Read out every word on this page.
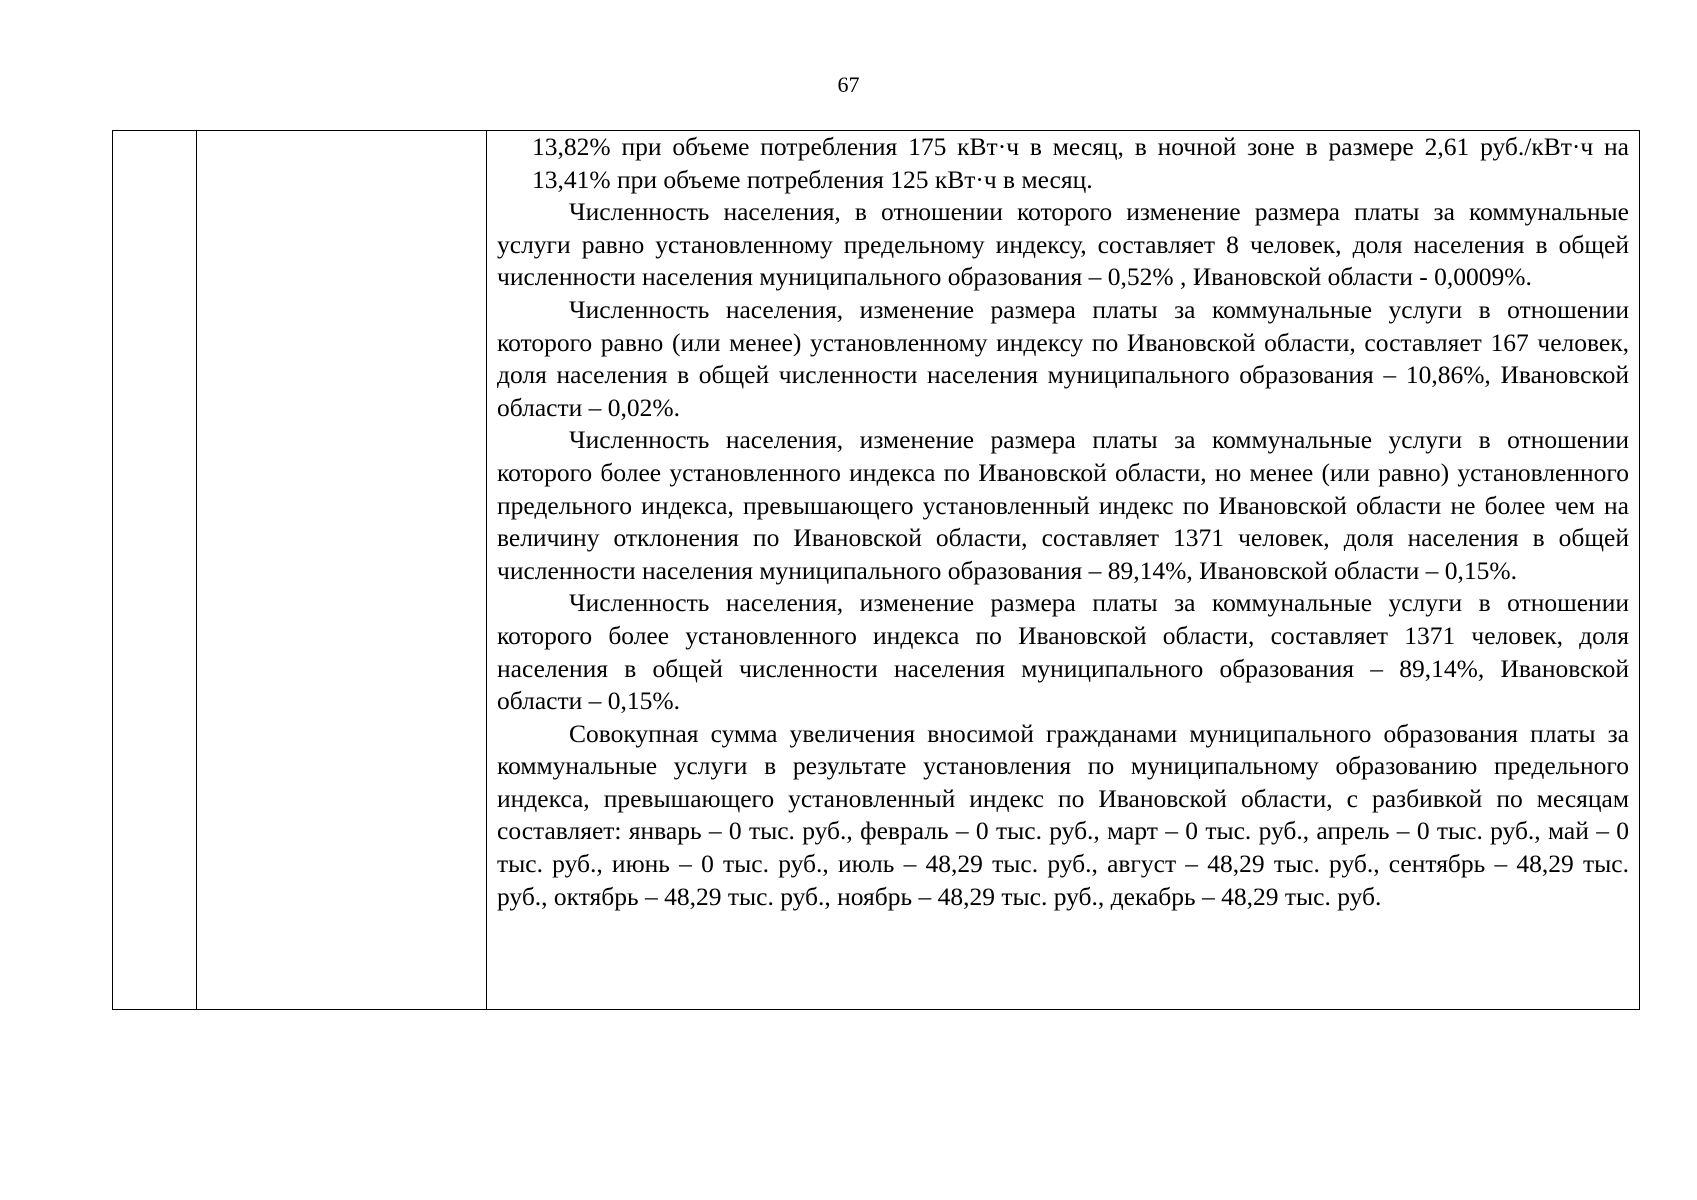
67

13,82% при объеме потребления 175 кВт·ч в месяц, в ночной зоне в размере 2,61 руб./кВт·ч на 13,41% при объеме потребления 125 кВт·ч в месяц.

Численность населения, в отношении которого изменение размера платы за коммунальные услуги равно установленному предельному индексу, составляет 8 человек, доля населения в общей численности населения муниципального образования – 0,52% , Ивановской области - 0,0009%.

Численность населения, изменение размера платы за коммунальные услуги в отношении которого равно (или менее) установленному индексу по Ивановской области, составляет 167 человек, доля населения в общей численности населения муниципального образования – 10,86%, Ивановской области – 0,02%.

Численность населения, изменение размера платы за коммунальные услуги в отношении которого более установленного индекса по Ивановской области, но менее (или равно) установленного предельного индекса, превышающего установленный индекс по Ивановской области не более чем на величину отклонения по Ивановской области, составляет 1371 человек, доля населения в общей численности населения муниципального образования – 89,14%, Ивановской области – 0,15%.

Численность населения, изменение размера платы за коммунальные услуги в отношении которого более установленного индекса по Ивановской области, составляет 1371 человек, доля населения в общей численности населения муниципального образования – 89,14%, Ивановской области – 0,15%.

Совокупная сумма увеличения вносимой гражданами муниципального образования платы за коммунальные услуги в результате установления по муниципальному образованию предельного индекса, превышающего установленный индекс по Ивановской области, с разбивкой по месяцам составляет: январь – 0 тыс. руб., февраль – 0 тыс. руб., март – 0 тыс. руб., апрель – 0 тыс. руб., май – 0 тыс. руб., июнь – 0 тыс. руб., июль – 48,29 тыс. руб., август – 48,29 тыс. руб., сентябрь – 48,29 тыс. руб., октябрь – 48,29 тыс. руб., ноябрь – 48,29 тыс. руб., декабрь – 48,29 тыс. руб.
